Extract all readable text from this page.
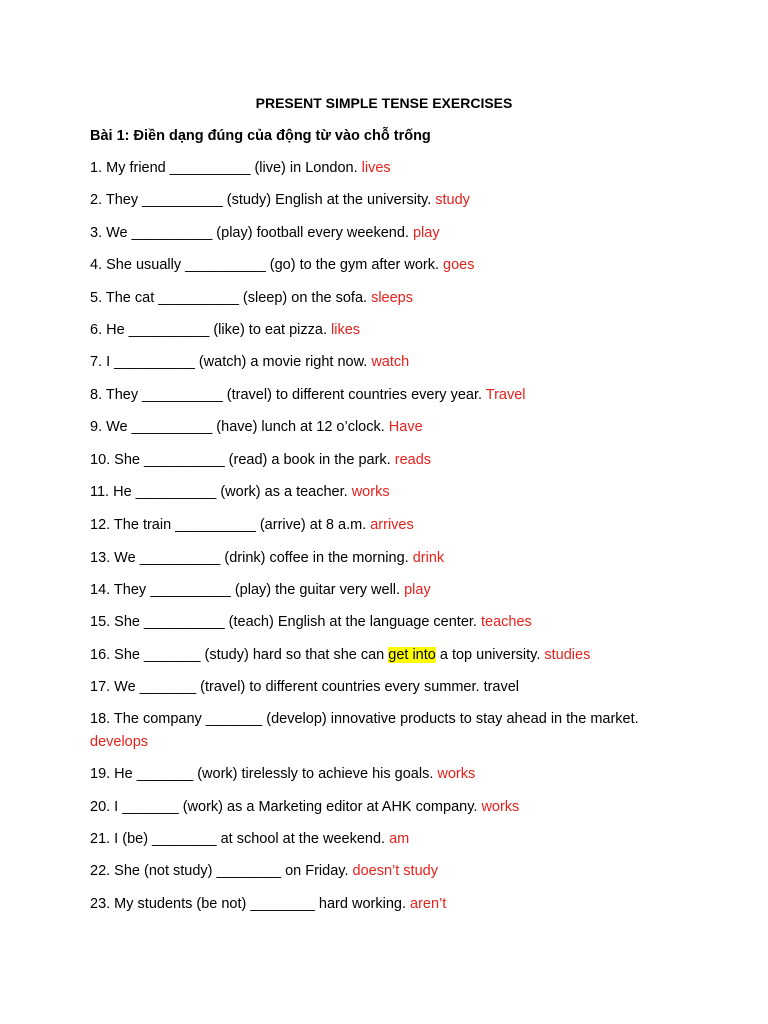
PRESENT SIMPLE TENSE EXERCISES
Bài 1: Điền dạng đúng của động từ vào chỗ trống
1. My friend __________ (live) in London. lives
2. They __________ (study) English at the university. study
3. We __________ (play) football every weekend. play
4. She usually __________ (go) to the gym after work. goes
5. The cat __________ (sleep) on the sofa. sleeps
6. He __________ (like) to eat pizza. likes
7. I __________ (watch) a movie right now. watch
8. They __________ (travel) to different countries every year. Travel
9. We __________ (have) lunch at 12 o’clock. Have
10. She __________ (read) a book in the park. reads
11. He __________ (work) as a teacher. works
12. The train __________ (arrive) at 8 a.m. arrives
13. We __________ (drink) coffee in the morning. drink
14. They __________ (play) the guitar very well. play
15. She __________ (teach) English at the language center. teaches
16. She _______ (study) hard so that she can get into a top university. studies
17. We _______ (travel) to different countries every summer. travel
18. The company _______ (develop) innovative products to stay ahead in the market. develops
19. He _______ (work) tirelessly to achieve his goals. works
20. I _______ (work) as a Marketing editor at AHK company. works
21. I (be) ________ at school at the weekend. am
22. She (not study) ________ on Friday. doesn’t study
23. My students (be not) ________ hard working. aren’t
